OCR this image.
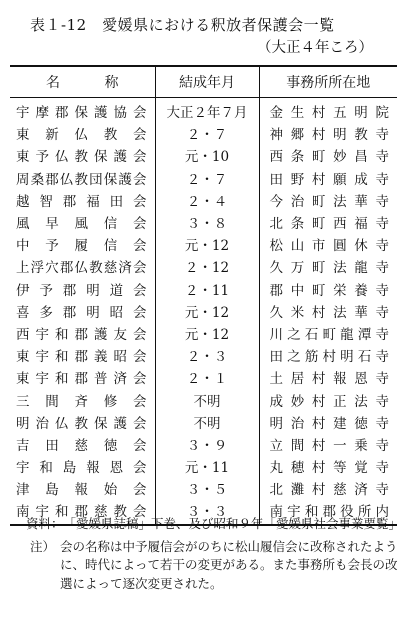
表１-12　愛媛県における釈放者保護会一覧
（大正４年ころ）
名 称	結成年月	事務所所在地
宇摩郡保護協会	大正２年７月	金生村五明院
東新仏教会	２・７	神郷村明教寺
東予仏教保護会	元・10	西条町妙昌寺
周桑郡仏教団保護会	２・７	田野村願成寺
越智郡福田会	２・４	今治町法華寺
風早風信会	３・８	北条町西福寺
中予履信会	元・12	松山市圓休寺
上浮穴郡仏教慈済会	２・12	久万町法龍寺
伊予郡明道会	２・11	郡中町栄養寺
喜多郡明昭会	元・12	久米村法華寺
西宇和郡護友会	元・12	川之石町龍潭寺
東宇和郡義昭会	２・３	田之筋村明石寺
東宇和郡普済会	２・１	土居村報恩寺
三間斉修会	不明	成妙村正法寺
明治仏教保護会	不明	明治村建徳寺
吉田慈徳会	３・９	立間村一乗寺
宇和島報恩会	元・11	丸穂村等覚寺
津島報始会	３・５	北灘村慈済寺
南宇和郡慈教会	３・３	南宇和郡役所内
資料： 「愛媛県誌稿」下巻、及び昭和９年「愛媛県社会事業要覧」
注） 会の名称は中予履信会がのちに松山履信会に改称されたように、時代によって若干の変更がある。また事務所も会長の改選によって逐次変更された。
